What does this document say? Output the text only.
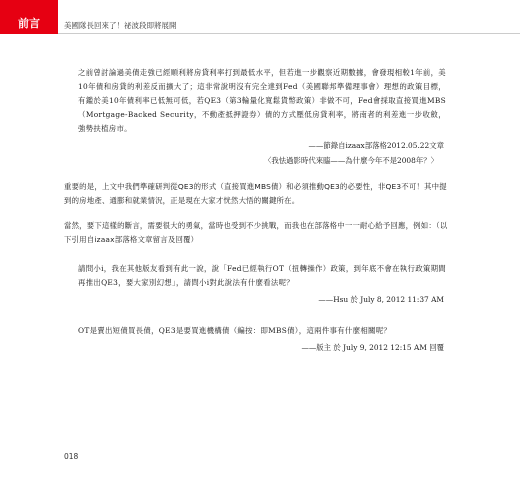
前言	美國隊長回來了！祕波段即將展開
之前曾討論過美債走強已經順利將房貸利率打到最低水平，但若進一步觀察近期數據，會發現相較1年前，美10年債和房貸的利差反而擴大了；這非常說明沒有完全達到Fed（美國聯邦準備理事會）理想的政策目標，有鑑於美10年債利率已低無可低，若QE3（第3輪量化寬鬆貨幣政策）非做不可，Fed會採取直接買進MBS（Mortgage-Backed Security，不動產抵押證券）債的方式壓低房貸利率，將南者的利差進一步收斂，強勢扶植房市。
——節錄自izaax部落格2012.05.22文章
〈我怯過影時代來臨——為什麼今年不是2008年？〉
重要的是，上文中我們準確研判從QE3的形式（直接買進MBS債）和必須推動QE3的必要性，非QE3不可！其中提到的房地產、通膨和就業情況，正是現在大家才恍然大悟的關鍵所在。
當然，要下這樣的斷言，需要很大的勇氣，當時也受到不少挑戰，而我也在部落格中一一耐心給予回應，例如：（以下引用自izaax部落格文章留言及回覆）
請問小i，我在其他版友看到有此一說，說「Fed已經執行OT（扭轉操作）政策，到年底不會在執行政策期間再推出QE3，要大家別幻想」，請問小i對此說法有什麼看法呢？
——Hsu 於 July 8, 2012 11:37 AM
OT是賣出短債買長債，QE3是要買進機構債（編按：即MBS債），這兩件事有什麼相關呢？
——版主 於 July 9, 2012 12:15 AM 回覆
018
